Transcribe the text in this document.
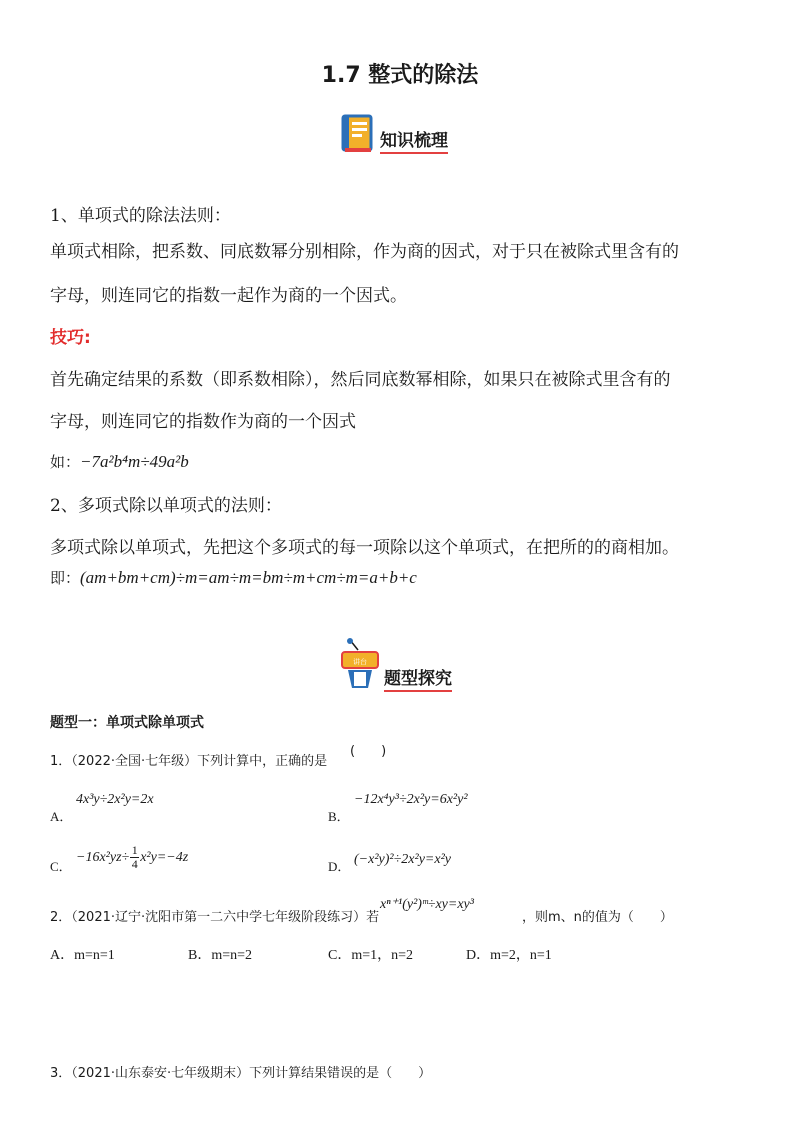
1.7 整式的除法
知识梳理
1、单项式的除法法则：
单项式相除，把系数、同底数幂分别相除，作为商的因式，对于只在被除式里含有的
字母，则连同它的指数一起作为商的一个因式。
技巧:
首先确定结果的系数（即系数相除），然后同底数幂相除，如果只在被除式里含有的
字母，则连同它的指数作为商的一个因式
如：−7a²b⁴m÷49a²b
2、多项式除以单项式的法则：
多项式除以单项式，先把这个多项式的每一项除以这个单项式，在把所的的商相加。
即：(am+bm+cm)÷m=am÷m=bm÷m+cm÷m=a+b+c
讲台
题型探究
题型一：单项式除单项式
1．（2022·全国·七年级）下列计算中，正确的是
(　　)
A．
4x³y÷2x²y=2x
B．
−12x⁴y³÷2x²y=6x²y²
C．
−16x²yz÷ 1
4 x²y=−4z
D． (−x²y)²÷2x²y=x²y
2．（2021·辽宁·沈阳市第一二六中学七年级阶段练习）若
xⁿ⁺¹(y²)ᵐ÷xy=xy³
，则m、n的值为（　　）
A．m=n=1	B．m=n=2	C．m=1，n=2	D．m=2，n=1
3．（2021·山东泰安·七年级期末）下列计算结果错误的是（　　）
